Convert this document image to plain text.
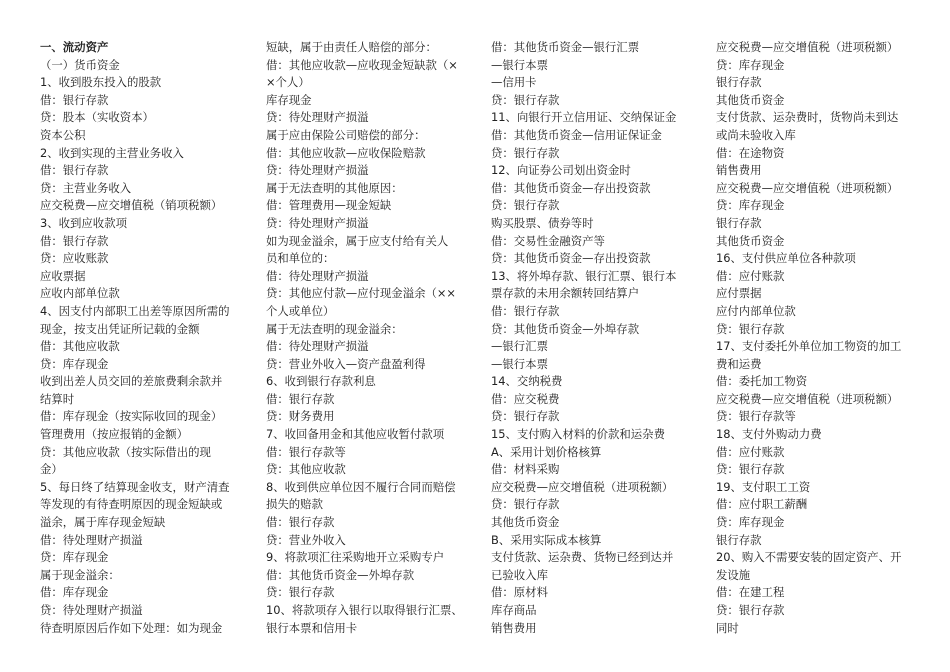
一、流动资产
（一）货币资金
1、收到股东投入的股款
借：银行存款
贷：股本（实收资本）
资本公积
2、收到实现的主营业务收入
借：银行存款
贷：主营业务收入
应交税费—应交增值税（销项税额）
3、收到应收款项
借：银行存款
贷：应收账款
应收票据
应收内部单位款
4、因支付内部职工出差等原因所需的
现金，按支出凭证所记载的金额
借：其他应收款
贷：库存现金
收到出差人员交回的差旅费剩余款并
结算时
借：库存现金（按实际收回的现金）
管理费用（按应报销的金额）
贷：其他应收款（按实际借出的现
金）
5、每日终了结算现金收支，财产清查
等发现的有待查明原因的现金短缺或
溢余，属于库存现金短缺
借：待处理财产损溢
贷：库存现金
属于现金溢余：
借：库存现金
贷：待处理财产损溢
待查明原因后作如下处理：如为现金
短缺，属于由责任人赔偿的部分：
借：其他应收款—应收现金短缺款（×
×个人）
库存现金
贷：待处理财产损溢
属于应由保险公司赔偿的部分：
借：其他应收款—应收保险赔款
贷：待处理财产损溢
属于无法查明的其他原因：
借：管理费用—现金短缺
贷：待处理财产损溢
如为现金溢余，属于应支付给有关人
员和单位的：
借：待处理财产损溢
贷：其他应付款—应付现金溢余（××
个人或单位）
属于无法查明的现金溢余：
借：待处理财产损溢
贷：营业外收入—资产盘盈利得
6、收到银行存款利息
借：银行存款
贷：财务费用
7、收回备用金和其他应收暂付款项
借：银行存款等
贷：其他应收款
8、收到供应单位因不履行合同而赔偿
损失的赔款
借：银行存款
贷：营业外收入
9、将款项汇往采购地开立采购专户
借：其他货币资金—外埠存款
贷：银行存款
10、将款项存入银行以取得银行汇票、
银行本票和信用卡
借：其他货币资金—银行汇票
—银行本票
—信用卡
贷：银行存款
11、向银行开立信用证、交纳保证金
借：其他货币资金—信用证保证金
贷：银行存款
12、向证券公司划出资金时
借：其他货币资金—存出投资款
贷：银行存款
购买股票、债券等时
借：交易性金融资产等
贷：其他货币资金—存出投资款
13、将外埠存款、银行汇票、银行本
票存款的未用余额转回结算户
借：银行存款
贷：其他货币资金—外埠存款
—银行汇票
—银行本票
14、交纳税费
借：应交税费
贷：银行存款
15、支付购入材料的价款和运杂费
A、采用计划价格核算
借：材料采购
应交税费—应交增值税（进项税额）
贷：银行存款
其他货币资金
B、采用实际成本核算
支付货款、运杂费、货物已经到达并
已验收入库
借：原材料
库存商品
销售费用
应交税费—应交增值税（进项税额）
贷：库存现金
银行存款
其他货币资金
支付货款、运杂费时，货物尚未到达
或尚未验收入库
借：在途物资
销售费用
应交税费—应交增值税（进项税额）
贷：库存现金
银行存款
其他货币资金
16、支付供应单位各种款项
借：应付账款
应付票据
应付内部单位款
贷：银行存款
17、支付委托外单位加工物资的加工
费和运费
借：委托加工物资
应交税费—应交增值税（进项税额）
贷：银行存款等
18、支付外购动力费
借：应付账款
贷：银行存款
19、支付职工工资
借：应付职工薪酬
贷：库存现金
银行存款
20、购入不需要安装的固定资产、开
发设施
借：在建工程
贷：银行存款
同时
